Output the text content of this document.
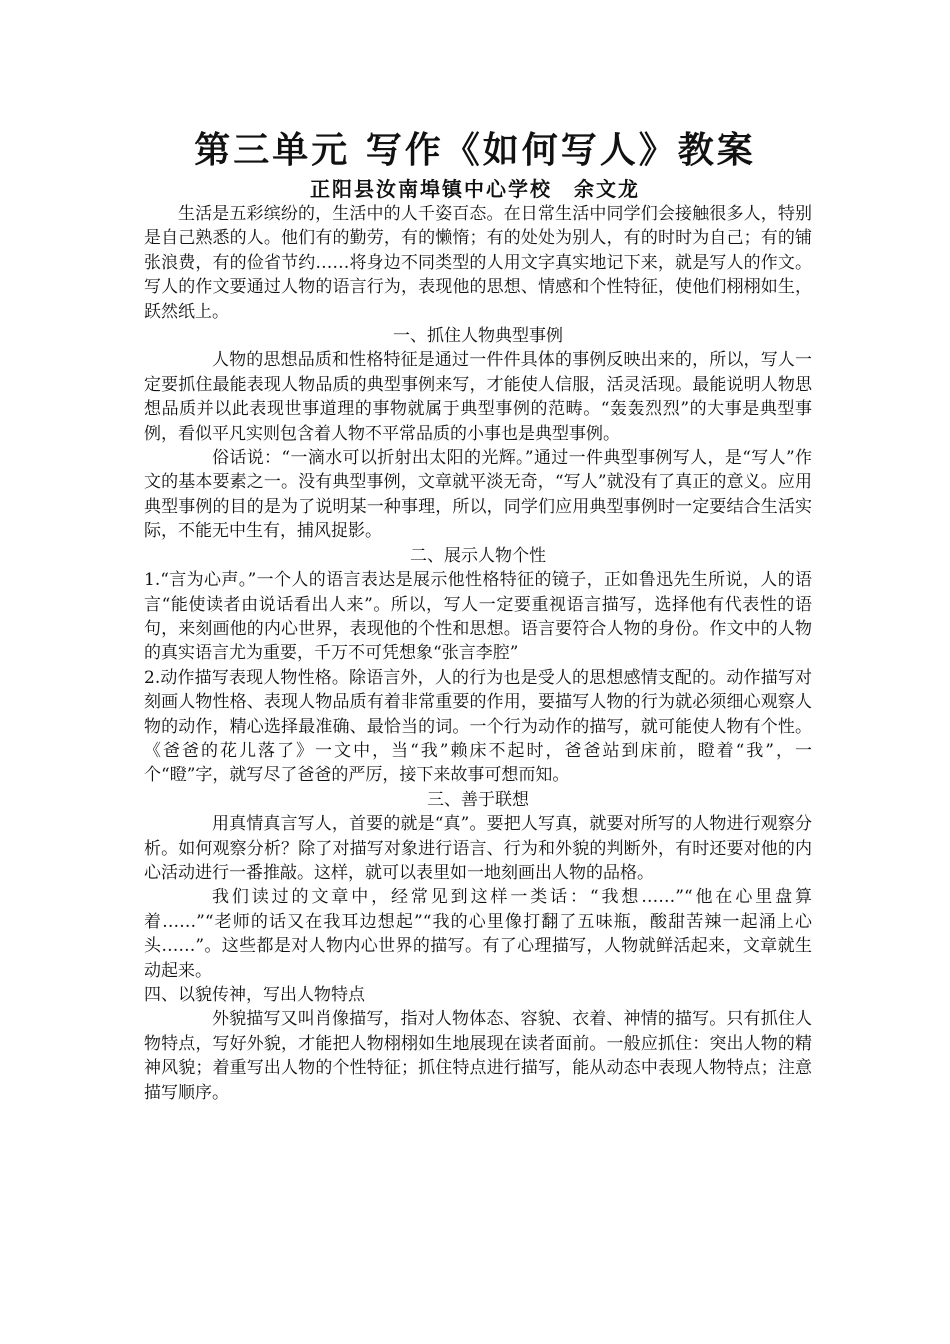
第三单元 写作《如何写人》教案
正阳县汝南埠镇中心学校　余文龙

生活是五彩缤纷的，生活中的人千姿百态。在日常生活中同学们会接触很多人，特别是自己熟悉的人。他们有的勤劳，有的懒惰；有的处处为别人，有的时时为自己；有的铺张浪费，有的俭省节约……将身边不同类型的人用文字真实地记下来，就是写人的作文。写人的作文要通过人物的语言行为，表现他的思想、情感和个性特征，使他们栩栩如生，跃然纸上。

一、抓住人物典型事例

人物的思想品质和性格特征是通过一件件具体的事例反映出来的，所以，写人一定要抓住最能表现人物品质的典型事例来写，才能使人信服，活灵活现。最能说明人物思想品质并以此表现世事道理的事物就属于典型事例的范畴。“轰轰烈烈”的大事是典型事例，看似平凡实则包含着人物不平常品质的小事也是典型事例。

俗话说：“一滴水可以折射出太阳的光辉。”通过一件典型事例写人，是“写人”作文的基本要素之一。没有典型事例，文章就平淡无奇，“写人”就没有了真正的意义。应用典型事例的目的是为了说明某一种事理，所以，同学们应用典型事例时一定要结合生活实际，不能无中生有，捕风捉影。

二、展示人物个性

1.“言为心声。”一个人的语言表达是展示他性格特征的镜子，正如鲁迅先生所说，人的语言“能使读者由说话看出人来”。所以，写人一定要重视语言描写，选择他有代表性的语句，来刻画他的内心世界，表现他的个性和思想。语言要符合人物的身份。作文中的人物的真实语言尤为重要，千万不可凭想象“张言李腔”

2.动作描写表现人物性格。除语言外，人的行为也是受人的思想感情支配的。动作描写对刻画人物性格、表现人物品质有着非常重要的作用，要描写人物的行为就必须细心观察人物的动作，精心选择最准确、最恰当的词。一个行为动作的描写，就可能使人物有个性。《爸爸的花儿落了》一文中，当“我”赖床不起时，爸爸站到床前，瞪着“我”，一个“瞪”字，就写尽了爸爸的严厉，接下来故事可想而知。

三、善于联想

用真情真言写人，首要的就是“真”。要把人写真，就要对所写的人物进行观察分析。如何观察分析？除了对描写对象进行语言、行为和外貌的判断外，有时还要对他的内心活动进行一番推敲。这样，就可以表里如一地刻画出人物的品格。

我们读过的文章中，经常见到这样一类话：“我想……”“他在心里盘算着……”“老师的话又在我耳边想起”“我的心里像打翻了五味瓶，酸甜苦辣一起涌上心头……”。这些都是对人物内心世界的描写。有了心理描写，人物就鲜活起来，文章就生动起来。

四、以貌传神，写出人物特点

外貌描写又叫肖像描写，指对人物体态、容貌、衣着、神情的描写。只有抓住人物特点，写好外貌，才能把人物栩栩如生地展现在读者面前。一般应抓住：突出人物的精神风貌；着重写出人物的个性特征；抓住特点进行描写，能从动态中表现人物特点；注意描写顺序。
